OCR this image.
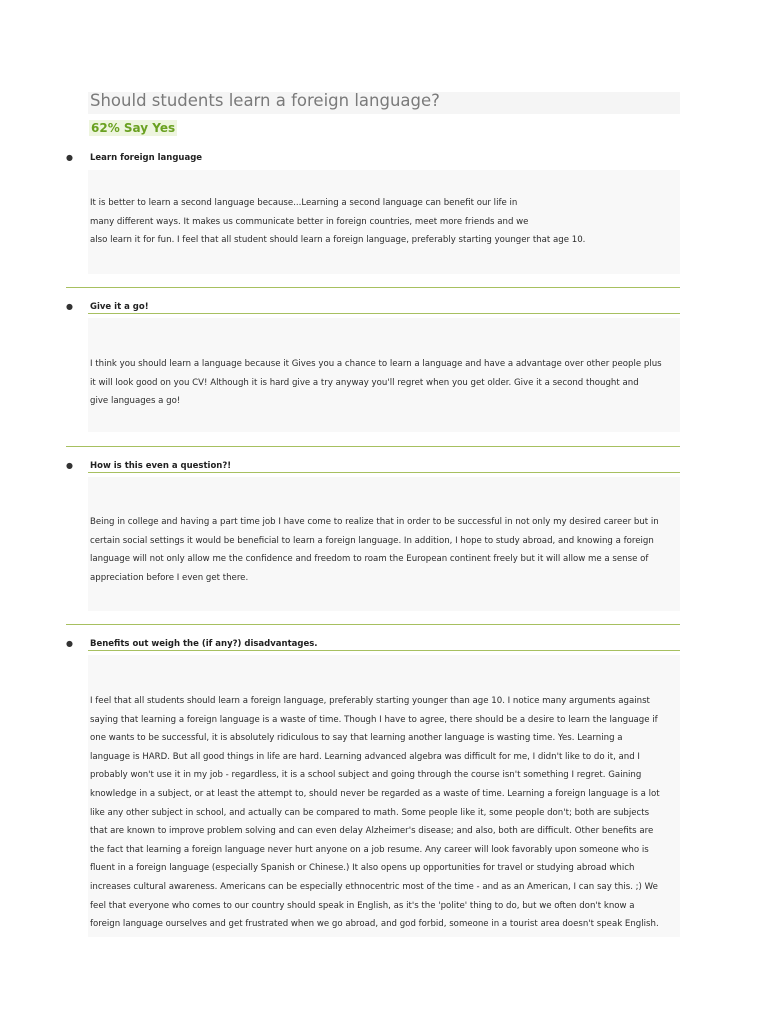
Should students learn a foreign language?
62% Say Yes
● Learn foreign language

It is better to learn a second language because...Learning a second language can benefit our life in
many different ways. It makes us communicate better in foreign countries, meet more friends and we
also learn it for fun. I feel that all student should learn a foreign language, preferably starting younger that age 10.

● Give it a go!

I think you should learn a language because it Gives you a chance to learn a language and have a advantage over other people plus
it will look good on you CV! Although it is hard give a try anyway you'll regret when you get older. Give it a second thought and
give languages a go!

● How is this even a question?!

Being in college and having a part time job I have come to realize that in order to be successful in not only my desired career but in
certain social settings it would be beneficial to learn a foreign language. In addition, I hope to study abroad, and knowing a foreign
language will not only allow me the confidence and freedom to roam the European continent freely but it will allow me a sense of
appreciation before I even get there.

● Benefits out weigh the (if any?) disadvantages.

I feel that all students should learn a foreign language, preferably starting younger than age 10. I notice many arguments against
saying that learning a foreign language is a waste of time. Though I have to agree, there should be a desire to learn the language if
one wants to be successful, it is absolutely ridiculous to say that learning another language is wasting time. Yes. Learning a
language is HARD. But all good things in life are hard. Learning advanced algebra was difficult for me, I didn't like to do it, and I
probably won't use it in my job - regardless, it is a school subject and going through the course isn't something I regret. Gaining
knowledge in a subject, or at least the attempt to, should never be regarded as a waste of time. Learning a foreign language is a lot
like any other subject in school, and actually can be compared to math. Some people like it, some people don't; both are subjects
that are known to improve problem solving and can even delay Alzheimer's disease; and also, both are difficult. Other benefits are
the fact that learning a foreign language never hurt anyone on a job resume. Any career will look favorably upon someone who is
fluent in a foreign language (especially Spanish or Chinese.) It also opens up opportunities for travel or studying abroad which
increases cultural awareness. Americans can be especially ethnocentric most of the time - and as an American, I can say this. ;) We
feel that everyone who comes to our country should speak in English, as it's the 'polite' thing to do, but we often don't know a
foreign language ourselves and get frustrated when we go abroad, and god forbid, someone in a tourist area doesn't speak English.
